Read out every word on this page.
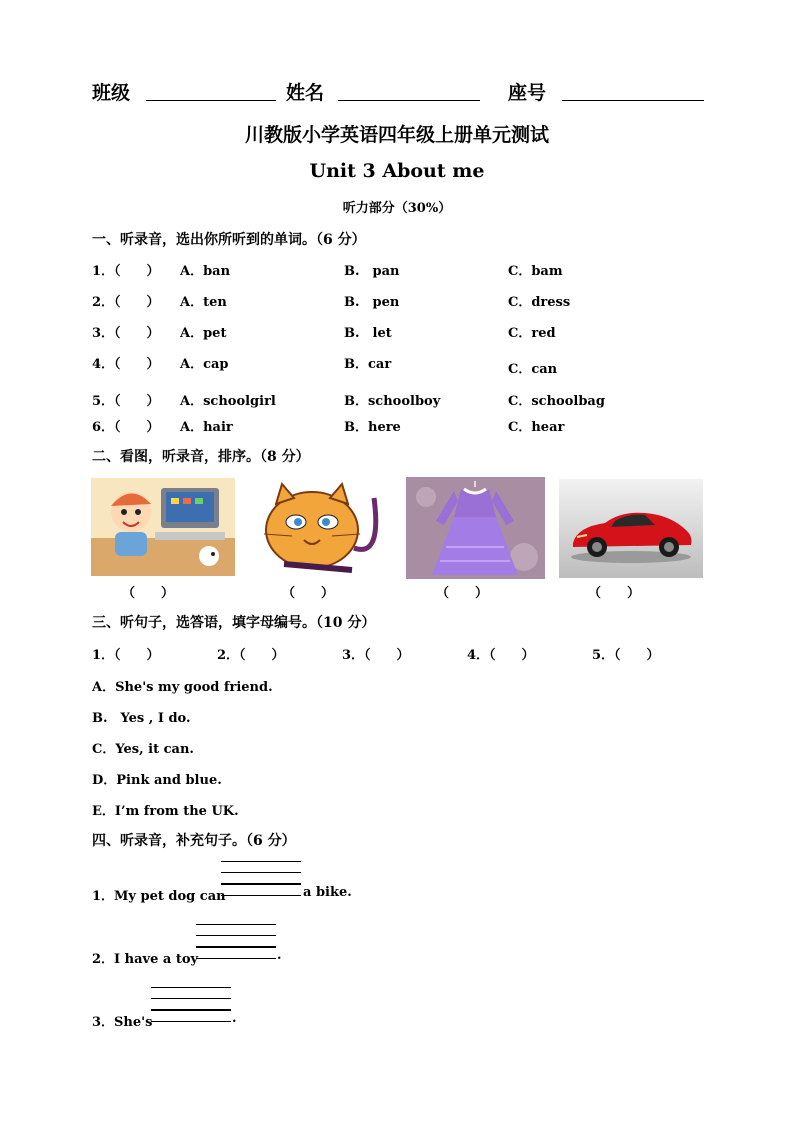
班级	姓名	座号
川教版小学英语四年级上册单元测试
Unit 3 About me
听力部分（30%）
一、听录音，选出你所听到的单词。（6 分）
1．（　　） A．ban	B.　pan	C．bam
2．（　　） A．ten	B.　pen	C．dress
3．（　　） A．pet	B.　let	C．red
4．（　　） A．cap	B．car	C．can
5．（　　） A．schoolgirl	B．schoolboy	C．schoolbag
6．（　　） A．hair	B．here	C．hear
二、看图，听录音，排序。（8 分）
（　　）	（　　）	（　　）	（　　）
三、听句子，选答语，填字母编号。（10 分）
1．（　　）	2．（　　）	3．（　　）	4．（　　）	5．（　　）
A．She's my good friend.
B.　Yes , I do.
C．Yes, it can.
D．Pink and blue.
E．I’m from the UK.
四、听录音，补充句子。（6 分）
1．My pet dog can	a bike.
2．I have a toy	.
3．She's	.
